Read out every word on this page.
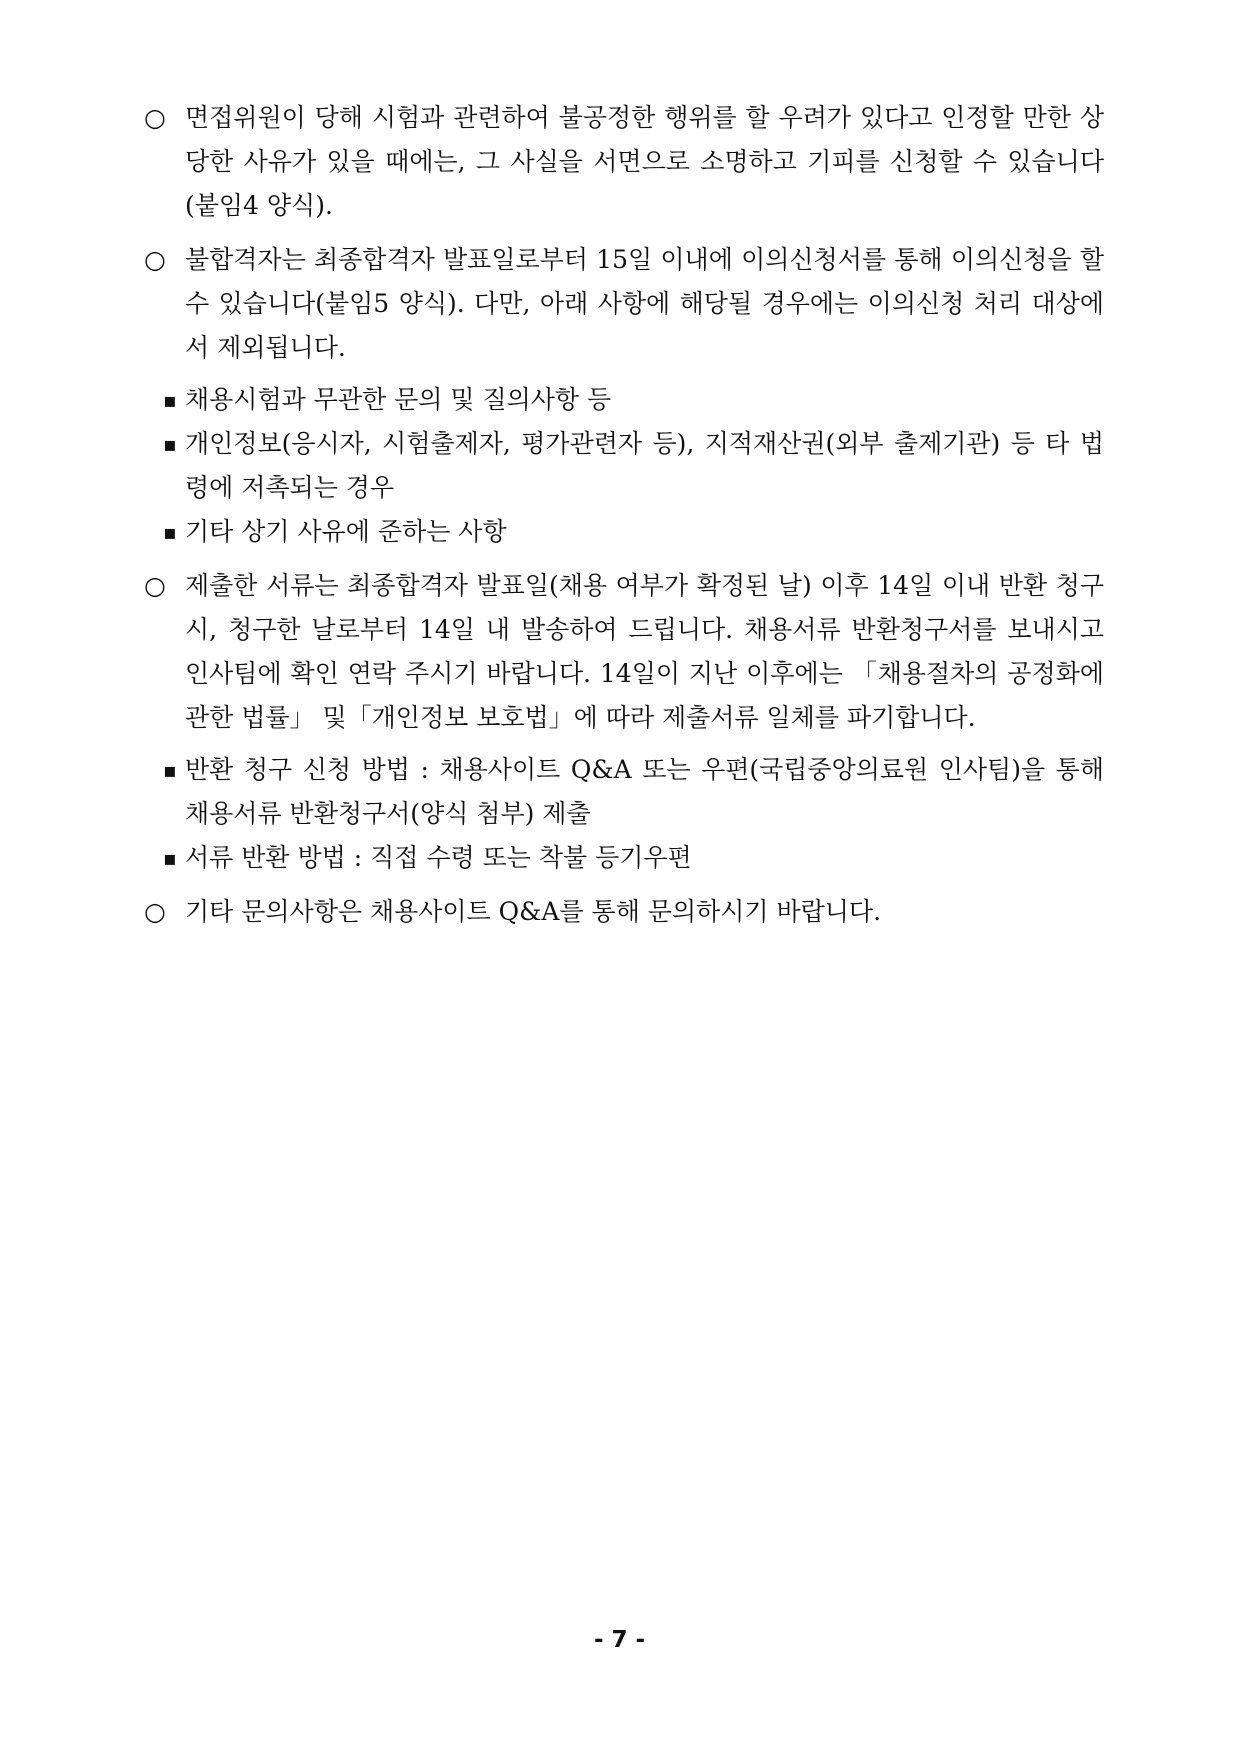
○ 면접위원이 당해 시험과 관련하여 불공정한 행위를 할 우려가 있다고 인정할 만한 상당한 사유가 있을 때에는, 그 사실을 서면으로 소명하고 기피를 신청할 수 있습니다(붙임4 양식).
○ 불합격자는 최종합격자 발표일로부터 15일 이내에 이의신청서를 통해 이의신청을 할 수 있습니다(붙임5 양식). 다만, 아래 사항에 해당될 경우에는 이의신청 처리 대상에서 제외됩니다.
▪ 채용시험과 무관한 문의 및 질의사항 등
▪ 개인정보(응시자, 시험출제자, 평가관련자 등), 지적재산권(외부 출제기관) 등 타 법령에 저촉되는 경우
▪ 기타 상기 사유에 준하는 사항
○ 제출한 서류는 최종합격자 발표일(채용 여부가 확정된 날) 이후 14일 이내 반환 청구 시, 청구한 날로부터 14일 내 발송하여 드립니다. 채용서류 반환청구서를 보내시고 인사팀에 확인 연락 주시기 바랍니다. 14일이 지난 이후에는 「채용절차의 공정화에 관한 법률」 및「개인정보 보호법」에 따라 제출서류 일체를 파기합니다.
▪ 반환 청구 신청 방법 : 채용사이트 Q&A 또는 우편(국립중앙의료원 인사팀)을 통해 채용서류 반환청구서(양식 첨부) 제출
▪ 서류 반환 방법 : 직접 수령 또는 착불 등기우편
○ 기타 문의사항은 채용사이트 Q&A를 통해 문의하시기 바랍니다.
- 7 -
